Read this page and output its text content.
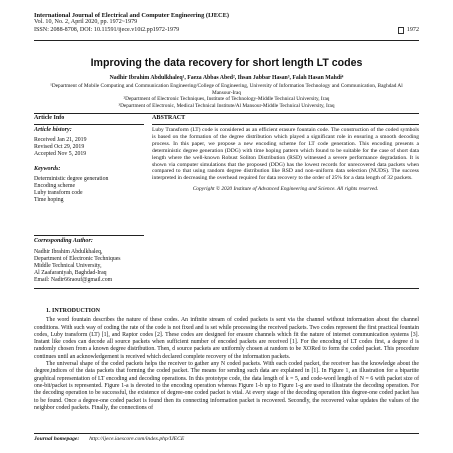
International Journal of Electrical and Computer Engineering (IJECE)
Vol. 10, No. 2, April 2020, pp. 1972~1979
ISSN: 2088-8708, DOI: 10.11591/ijece.v10i2.pp1972-1979	1972
Improving the data recovery for short length LT codes
Nadhir Ibrahim Abdulkhaleq¹, Faeza Abbas Abed², Ihsan Jabbar Hasan³, Falah Hasan Mahdi⁴
¹Department of Mobile Computing and Communication Engineering/College of Engineering, University of Information Technology and Communication, Baghdad Al Mansour-Iraq
²Department of Electronic Techniques, Institute of Technology-Middle Technical University, Iraq
³Department of Electronic, Medical Technical Institute/Al Mansour-Middle Technical University, Iraq
Article Info
Article history:
Received Jan 21, 2019
Revised Oct 29, 2019
Accepted Nov 5, 2019
Keywords:
Deterministic degree generation
Encoding scheme
Luby transform code
Time hoping
ABSTRACT
Luby Transform (LT) code is considered as an efficient erasure fountain code. The construction of the coded symbols is based on the formation of the degree distribution which played a significant role in ensuring a smooth decoding process. In this paper, we propose a new encoding scheme for LT code generation. This encoding presents a deterministic degree generation (DDG) with time hoping pattern which found to be suitable for the case of short data length where the well-known Robust Soliton Distribution (RSD) witnessed a severe performance degradation. It is shown via computer simulations that the proposed (DDG) has the lowest records for unrecovered data packets when compared to that using random degree distribution like RSD and non-uniform data selection (NUDS). The success interpreted in decreasing the overhead required for data recovery to the order of 25% for a data length of 32 packets.
Copyright © 2020 Institute of Advanced Engineering and Science. All rights reserved.
Corresponding Author:
Nadhir Ibrahim Abdulkhaleq,
Department of Electronic Techniques
Middle Technical University,
Al Zaafaraniyah, Baghdad-Iraq
Email: Nadir66raouf@gmail.com
1. INTRODUCTION

The word fountain describes the nature of these codes. An infinite stream of coded packets is sent via the channel without information about the channel conditions. With such way of coding the rate of the code is not fixed and is set while processing the received packets. Two codes represent the first practical fountain codes, Luby transform (LT) [1], and Raptor codes [2]. These codes are designed for erasure channels which fit the nature of internet communication systems [3]. Instant like codes can decode all source packets when sufficient number of encoded packets are received [1]. For the encoding of LT codes first, a degree d is randomly chosen from a known degree distribution. Then, d source packets are uniformly chosen at random to be XORed to form the coded packet. This procedure continues until an acknowledgement is received which declared complete recovery of the information packets.

The universal shape of the coded packets helps the receiver to gather any N coded packets. With each coded packet, the receiver has the knowledge about the degree,indices of the data packets that forming the coded packet. The means for sending such data are explained in [1]. In Figure 1, an illustration for a bipartite graphical representation of LT encoding and decoding operations. In this prototype code, the data length of k = 5, and code-word length of N = 6 with packet size of one-bit/packet is represented. Figure 1-a is devoted to the encoding operation whereas Figure 1-b up to Figure 1-g are used to illustrate the decoding operation. For the decoding operation to be successful, the existence of degree-one coded packet is vital. At every stage of the decoding operation this degree-one coded packet has to be found. Once a degree-one coded packet is found then its connecting information packet is recovered. Secondly, the recovered value updates the values of the neighbor coded packets. Finally, the connections of

Journal homepage: http://ijece.iaescore.com/index.php/IJECE
